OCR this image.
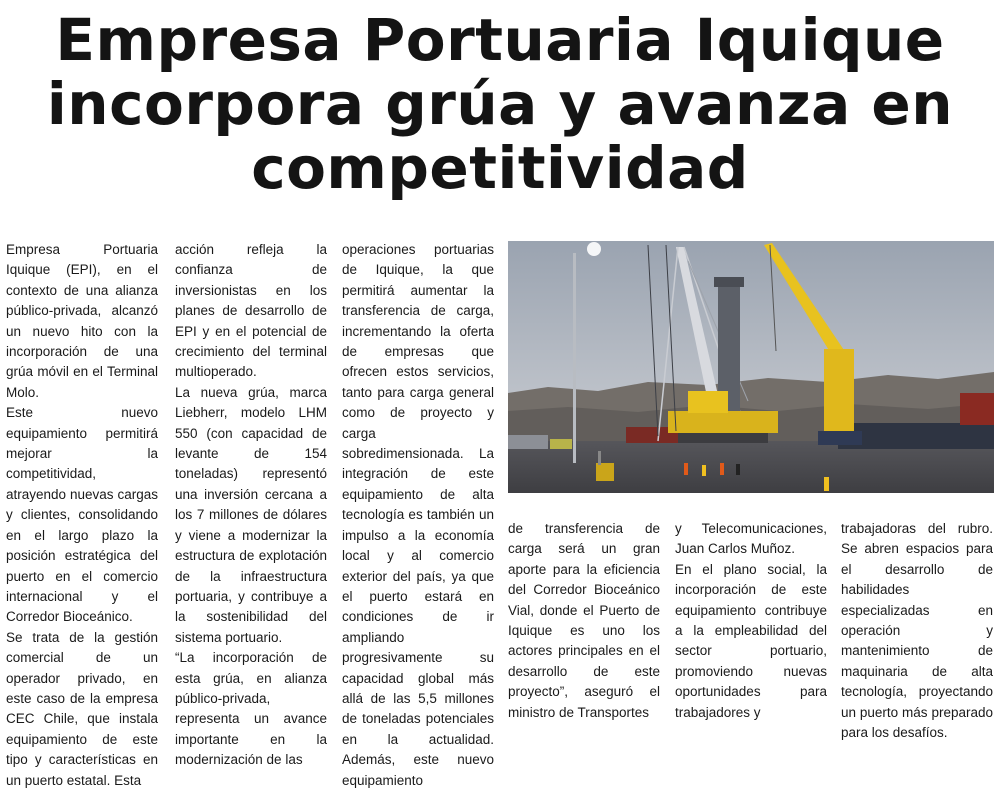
Empresa Portuaria Iquique
incorpora grúa y avanza en
competitividad

Empresa Portuaria Iquique (EPI), en el contexto de una alianza público-privada, alcanzó un nuevo hito con la incorporación de una grúa móvil en el Terminal Molo.

Este nuevo equipamiento permitirá mejorar la competitividad, atrayendo nuevas cargas y clientes, consolidando en el largo plazo la posición estratégica del puerto en el comercio internacional y el Corredor Bioceánico.

Se trata de la gestión comercial de un operador privado, en este caso de la empresa CEC Chile, que instala equipamiento de este tipo y características en un puerto estatal. Esta

acción refleja la confianza de inversionistas en los planes de desarrollo de EPI y en el potencial de crecimiento del terminal multioperado.

La nueva grúa, marca Liebherr, modelo LHM 550 (con capacidad de levante de 154 toneladas) representó una inversión cercana a los 7 millones de dólares y viene a modernizar la estructura de explotación de la infraestructura portuaria, y contribuye a la sostenibilidad del sistema portuario.

“La incorporación de esta grúa, en alianza público-privada, representa un avance importante en la modernización de las

operaciones portuarias de Iquique, la que permitirá aumentar la transferencia de carga, incrementando la oferta de empresas que ofrecen estos servicios, tanto para carga general como de proyecto y carga sobredimensionada. La integración de este equipamiento de alta tecnología es también un impulso a la economía local y al comercio exterior del país, ya que el puerto estará en condiciones de ir ampliando progresivamente su capacidad global más allá de las 5,5 millones de toneladas potenciales en la actualidad. Además, este nuevo equipamiento

de transferencia de carga será un gran aporte para la eficiencia del Corredor Bioceánico Vial, donde el Puerto de Iquique es uno los actores principales en el desarrollo de este proyecto”, aseguró el ministro de Transportes

y Telecomunicaciones, Juan Carlos Muñoz.

En el plano social, la incorporación de este equipamiento contribuye a la empleabilidad del sector portuario, promoviendo nuevas oportunidades para trabajadores y

trabajadoras del rubro. Se abren espacios para el desarrollo de habilidades especializadas en operación y mantenimiento de maquinaria de alta tecnología, proyectando un puerto más preparado para los desafíos.
